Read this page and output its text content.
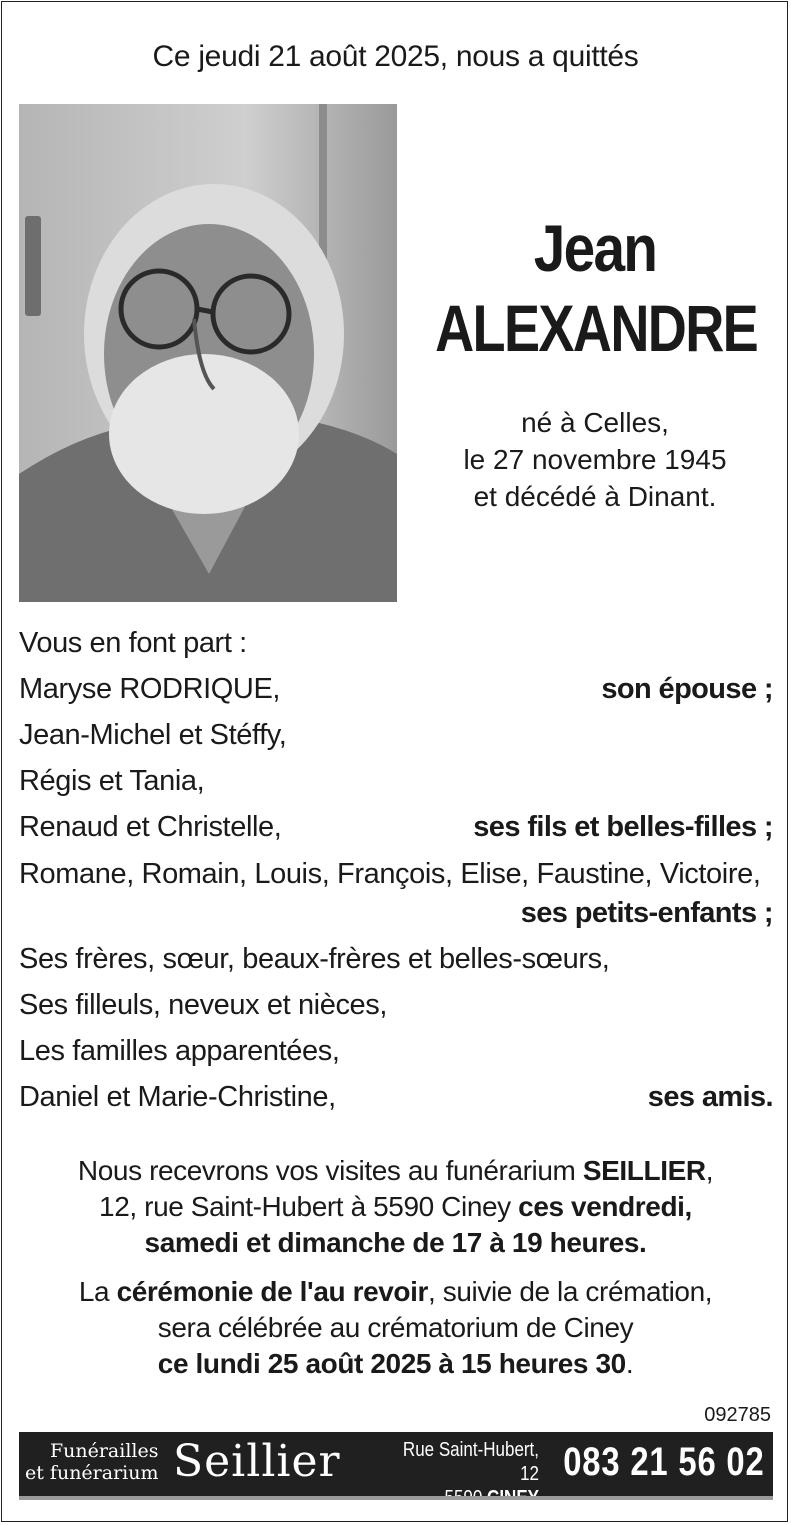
Ce jeudi 21 août 2025, nous a quittés
Jean
ALEXANDRE
né à Celles,
le 27 novembre 1945
et décédé à Dinant.
Vous en font part :
Maryse RODRIQUE,	son épouse ;
Jean-Michel et Stéffy,
Régis et Tania,
Renaud et Christelle,	ses fils et belles-filles ;
Romane, Romain, Louis, François, Elise, Faustine, Victoire,
ses petits-enfants ;
Ses frères, sœur, beaux-frères et belles-sœurs,
Ses filleuls, neveux et nièces,
Les familles apparentées,
Daniel et Marie-Christine,	ses amis.
Nous recevrons vos visites au funérarium SEILLIER,
12, rue Saint-Hubert à 5590 Ciney ces vendredi,
samedi et dimanche de 17 à 19 heures.
La cérémonie de l'au revoir, suivie de la crémation,
sera célébrée au crématorium de Ciney
ce lundi 25 août 2025 à 15 heures 30.
092785
Funérailles
et funérarium Seillier	Rue Saint-Hubert, 12 083 21 56 02
